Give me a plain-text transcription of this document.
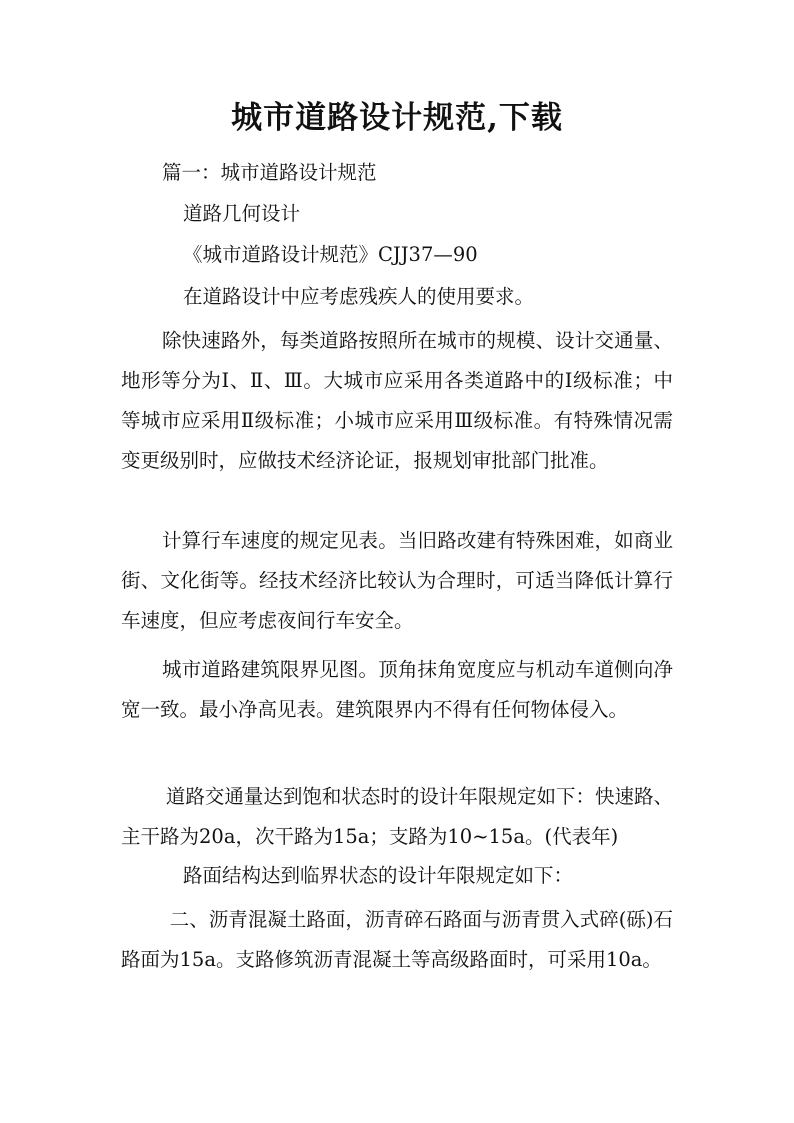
城市道路设计规范,下载
篇一：城市道路设计规范
道路几何设计
《城市道路设计规范》CJJ37—90
在道路设计中应考虑残疾人的使用要求。
除快速路外，每类道路按照所在城市的规模、设计交通量、地形等分为Ⅰ、Ⅱ、Ⅲ。大城市应采用各类道路中的Ⅰ级标准；中等城市应采用Ⅱ级标准；小城市应采用Ⅲ级标准。有特殊情况需变更级别时，应做技术经济论证，报规划审批部门批准。
计算行车速度的规定见表。当旧路改建有特殊困难，如商业街、文化街等。经技术经济比较认为合理时，可适当降低计算行车速度，但应考虑夜间行车安全。
城市道路建筑限界见图。顶角抹角宽度应与机动车道侧向净宽一致。最小净高见表。建筑限界内不得有任何物体侵入。
道路交通量达到饱和状态时的设计年限规定如下：快速路、主干路为20a，次干路为15a；支路为10~15a。(代表年)
路面结构达到临界状态的设计年限规定如下：
二、沥青混凝土路面，沥青碎石路面与沥青贯入式碎(砾)石路面为15a。支路修筑沥青混凝土等高级路面时，可采用10a。
